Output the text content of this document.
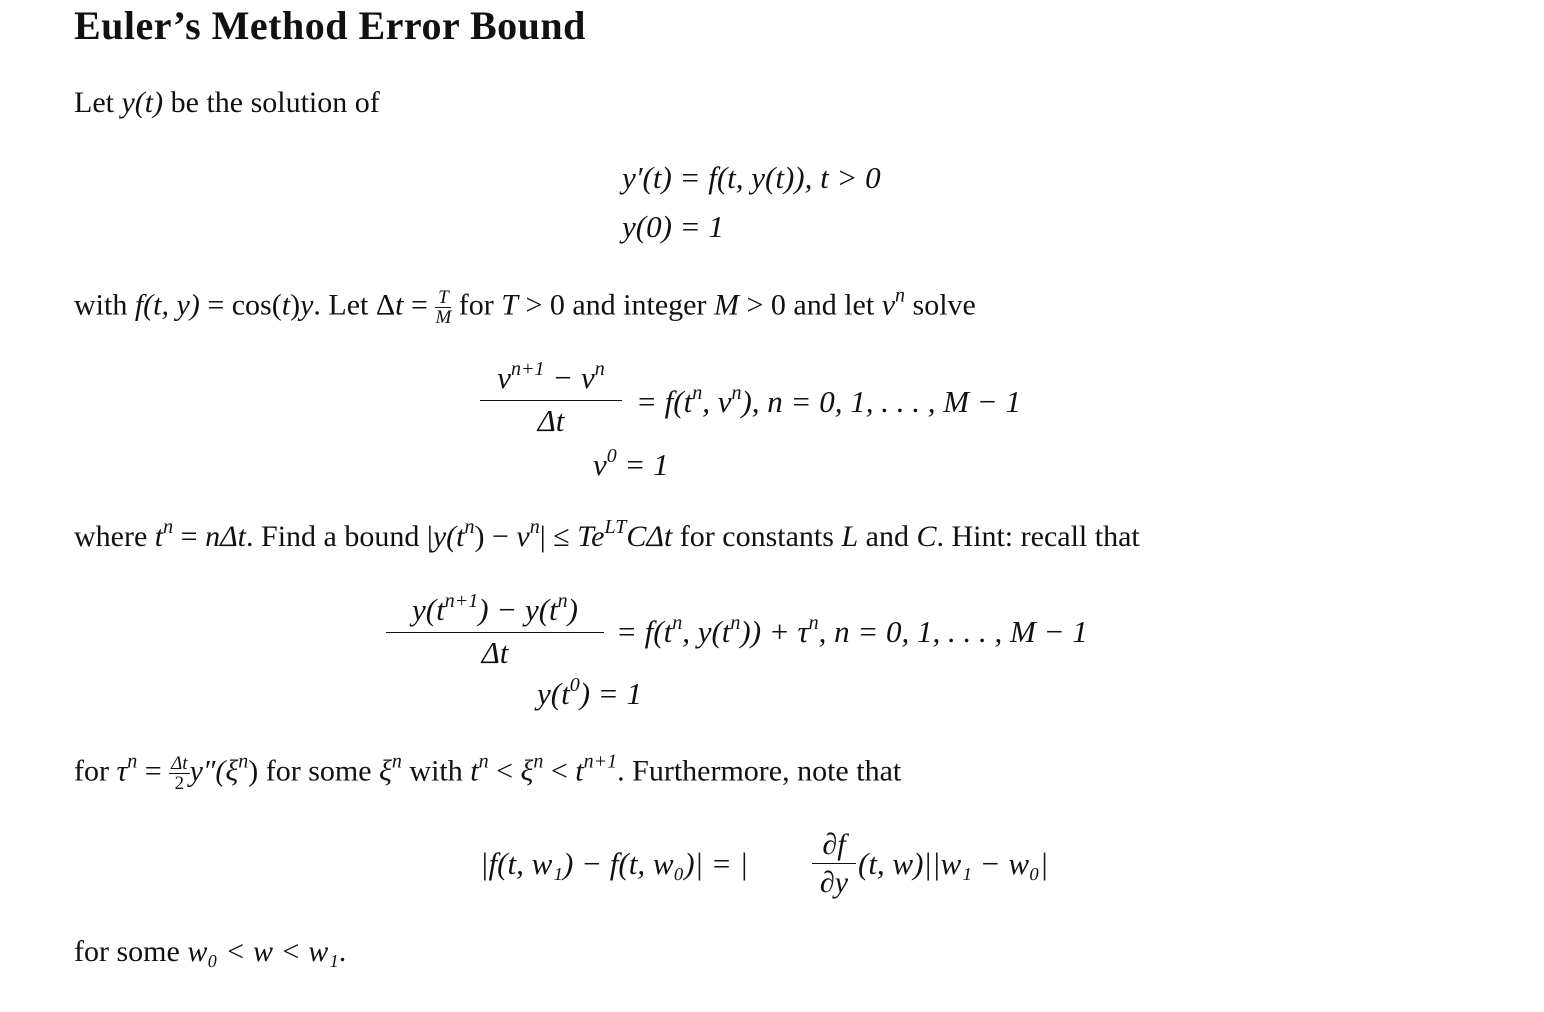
Euler’s Method Error Bound
Let y(t) be the solution of
y′(t) = f(t, y(t)), t > 0
y(0) = 1
with f(t, y) = cos(t)y. Let $\Delta t = \frac{T}{M}$ for T > 0 and integer M > 0 and let $v^n$ solve
$\frac{v^{n+1} - v^n}{\Delta t} = f(t^n$, $v^n$), n = 0, 1, . . . , M − 1
$v^0 = 1$
where $t^n = n\Delta t$. Find a bound $|y(t^n) - v^n| \le Te^{LT}C\Delta t$ for constants L and C. Hint: recall that
$\frac{y(t^{n+1}) - y(t^n)}{\Delta t} = f(t^n$, $y(t^n)) + \tau^n$, n = 0, 1, . . . , M − 1
$y(t^0) = 1$
for $\tau^n = \frac{\Delta t}{2} y''(\xi^n)$ for some $\xi^n$ with $t^n < \xi^n < t^{n+1}$. Furthermore, note that
|f(t, w₁) − f(t, w₀)| = | $\frac{\partial f}{\partial y} (t$, w)||w₁ − w₀|
for some w₀ < w < w₁.
